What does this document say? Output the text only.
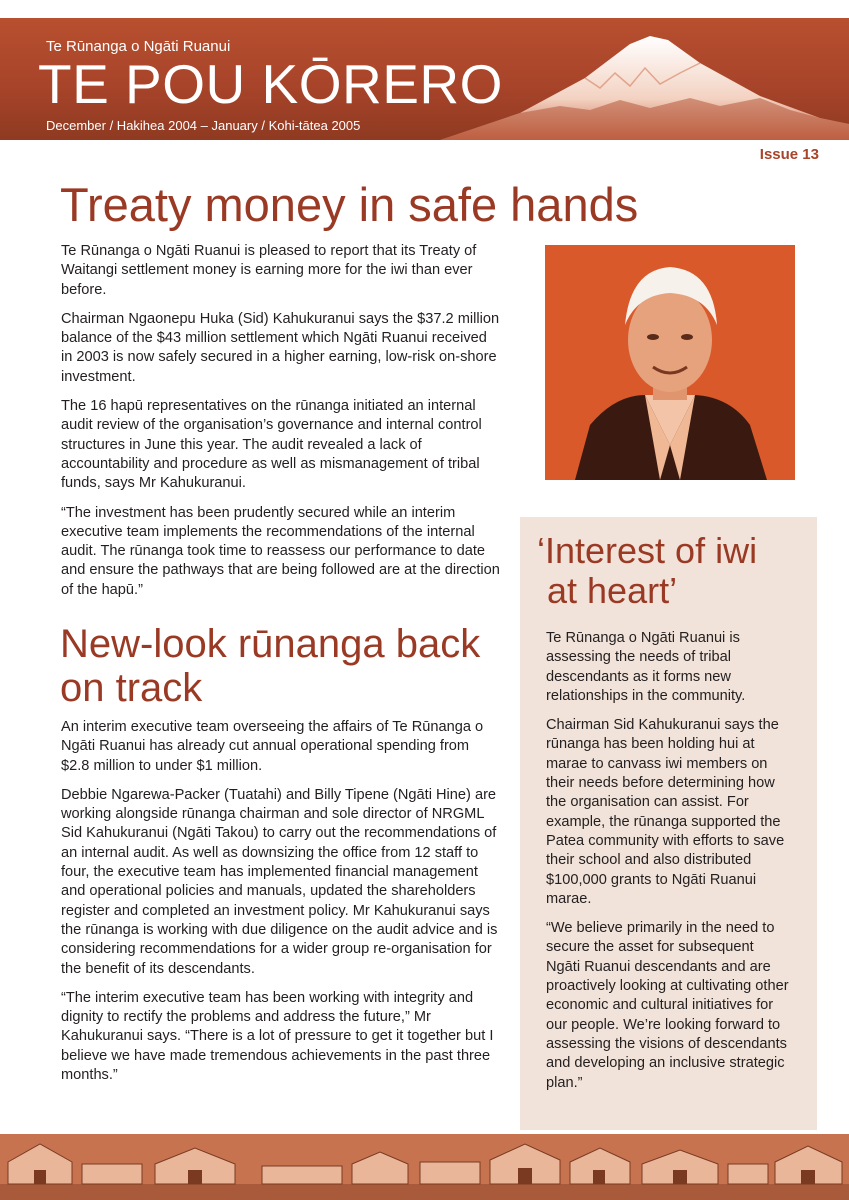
Te Rūnanga o Ngāti Ruanui
TE POU KŌRERO
December / Hakihea 2004 – January / Kohi-tātea 2005
Issue 13
Treaty money in safe hands

Te Rūnanga o Ngāti Ruanui is pleased to report that its Treaty of Waitangi settlement money is earning more for the iwi than ever before.

Chairman Ngaonepu Huka (Sid) Kahukuranui says the $37.2 million balance of the $43 million settlement which Ngāti Ruanui received in 2003 is now safely secured in a higher earning, low-risk on-shore investment.

The 16 hapū representatives on the rūnanga initiated an internal audit review of the organisation’s governance and internal control structures in June this year. The audit revealed a lack of accountability and procedure as well as mismanagement of tribal funds, says Mr Kahukuranui.

“The investment has been prudently secured while an interim executive team implements the recommendations of the internal audit. The rūnanga took time to reassess our performance to date and ensure the pathways that are being followed are at the direction of the hapū.”

New-look rūnanga back on track

An interim executive team overseeing the affairs of Te Rūnanga o Ngāti Ruanui has already cut annual operational spending from $2.8 million to under $1 million.

Debbie Ngarewa-Packer (Tuatahi) and Billy Tipene (Ngāti Hine) are working alongside rūnanga chairman and sole director of NRGML Sid Kahukuranui (Ngāti Takou) to carry out the recommendations of an internal audit. As well as downsizing the office from 12 staff to four, the executive team has implemented financial management and operational policies and manuals, updated the shareholders register and completed an investment policy. Mr Kahukuranui says the rūnanga is working with due diligence on the audit advice and is considering recommendations for a wider group re-organisation for the benefit of its descendants.

“The interim executive team has been working with integrity and dignity to rectify the problems and address the future,” Mr Kahukuranui says. “There is a lot of pressure to get it together but I believe we have made tremendous achievements in the past three months.”

‘Interest of iwi
at heart’

Te Rūnanga o Ngāti Ruanui is assessing the needs of tribal descendants as it forms new relationships in the community.

Chairman Sid Kahukuranui says the rūnanga has been holding hui at marae to canvass iwi members on their needs before determining how the organisation can assist. For example, the rūnanga supported the Patea community with efforts to save their school and also distributed $100,000 grants to Ngāti Ruanui marae.

“We believe primarily in the need to secure the asset for subsequent Ngāti Ruanui descendants and are proactively looking at cultivating other economic and cultural initiatives for our people. We’re looking forward to assessing the visions of descendants and developing an inclusive strategic plan.”
